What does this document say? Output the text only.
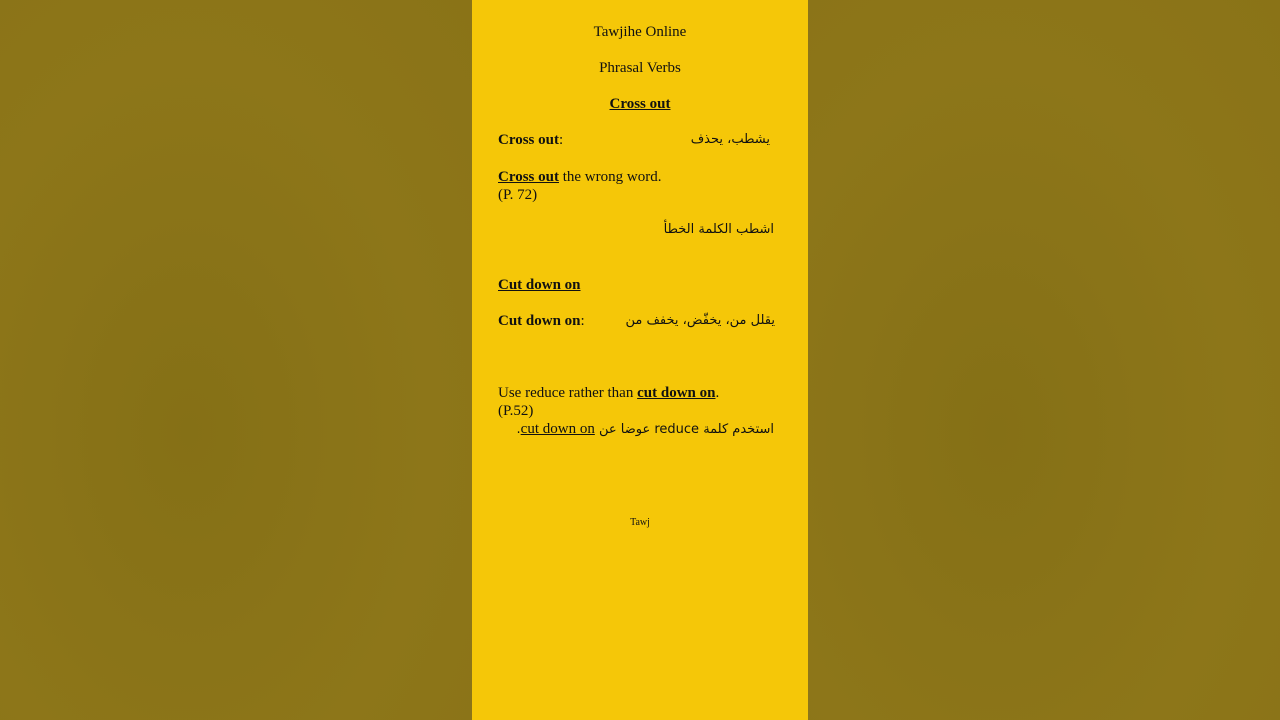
Tawjihe Online
Phrasal Verbs
Cross out
Cross out:	يشطب، يحذف
Cross out the wrong word.
(P. 72)
اشطب الكلمة الخطأ
Cut down on
Cut down on:	يقلل من، يخفّض، يخفف من
Use reduce rather than cut down on.
(P.52)
استخدم كلمة reduce عوضا عن cut down on.
Tawj
